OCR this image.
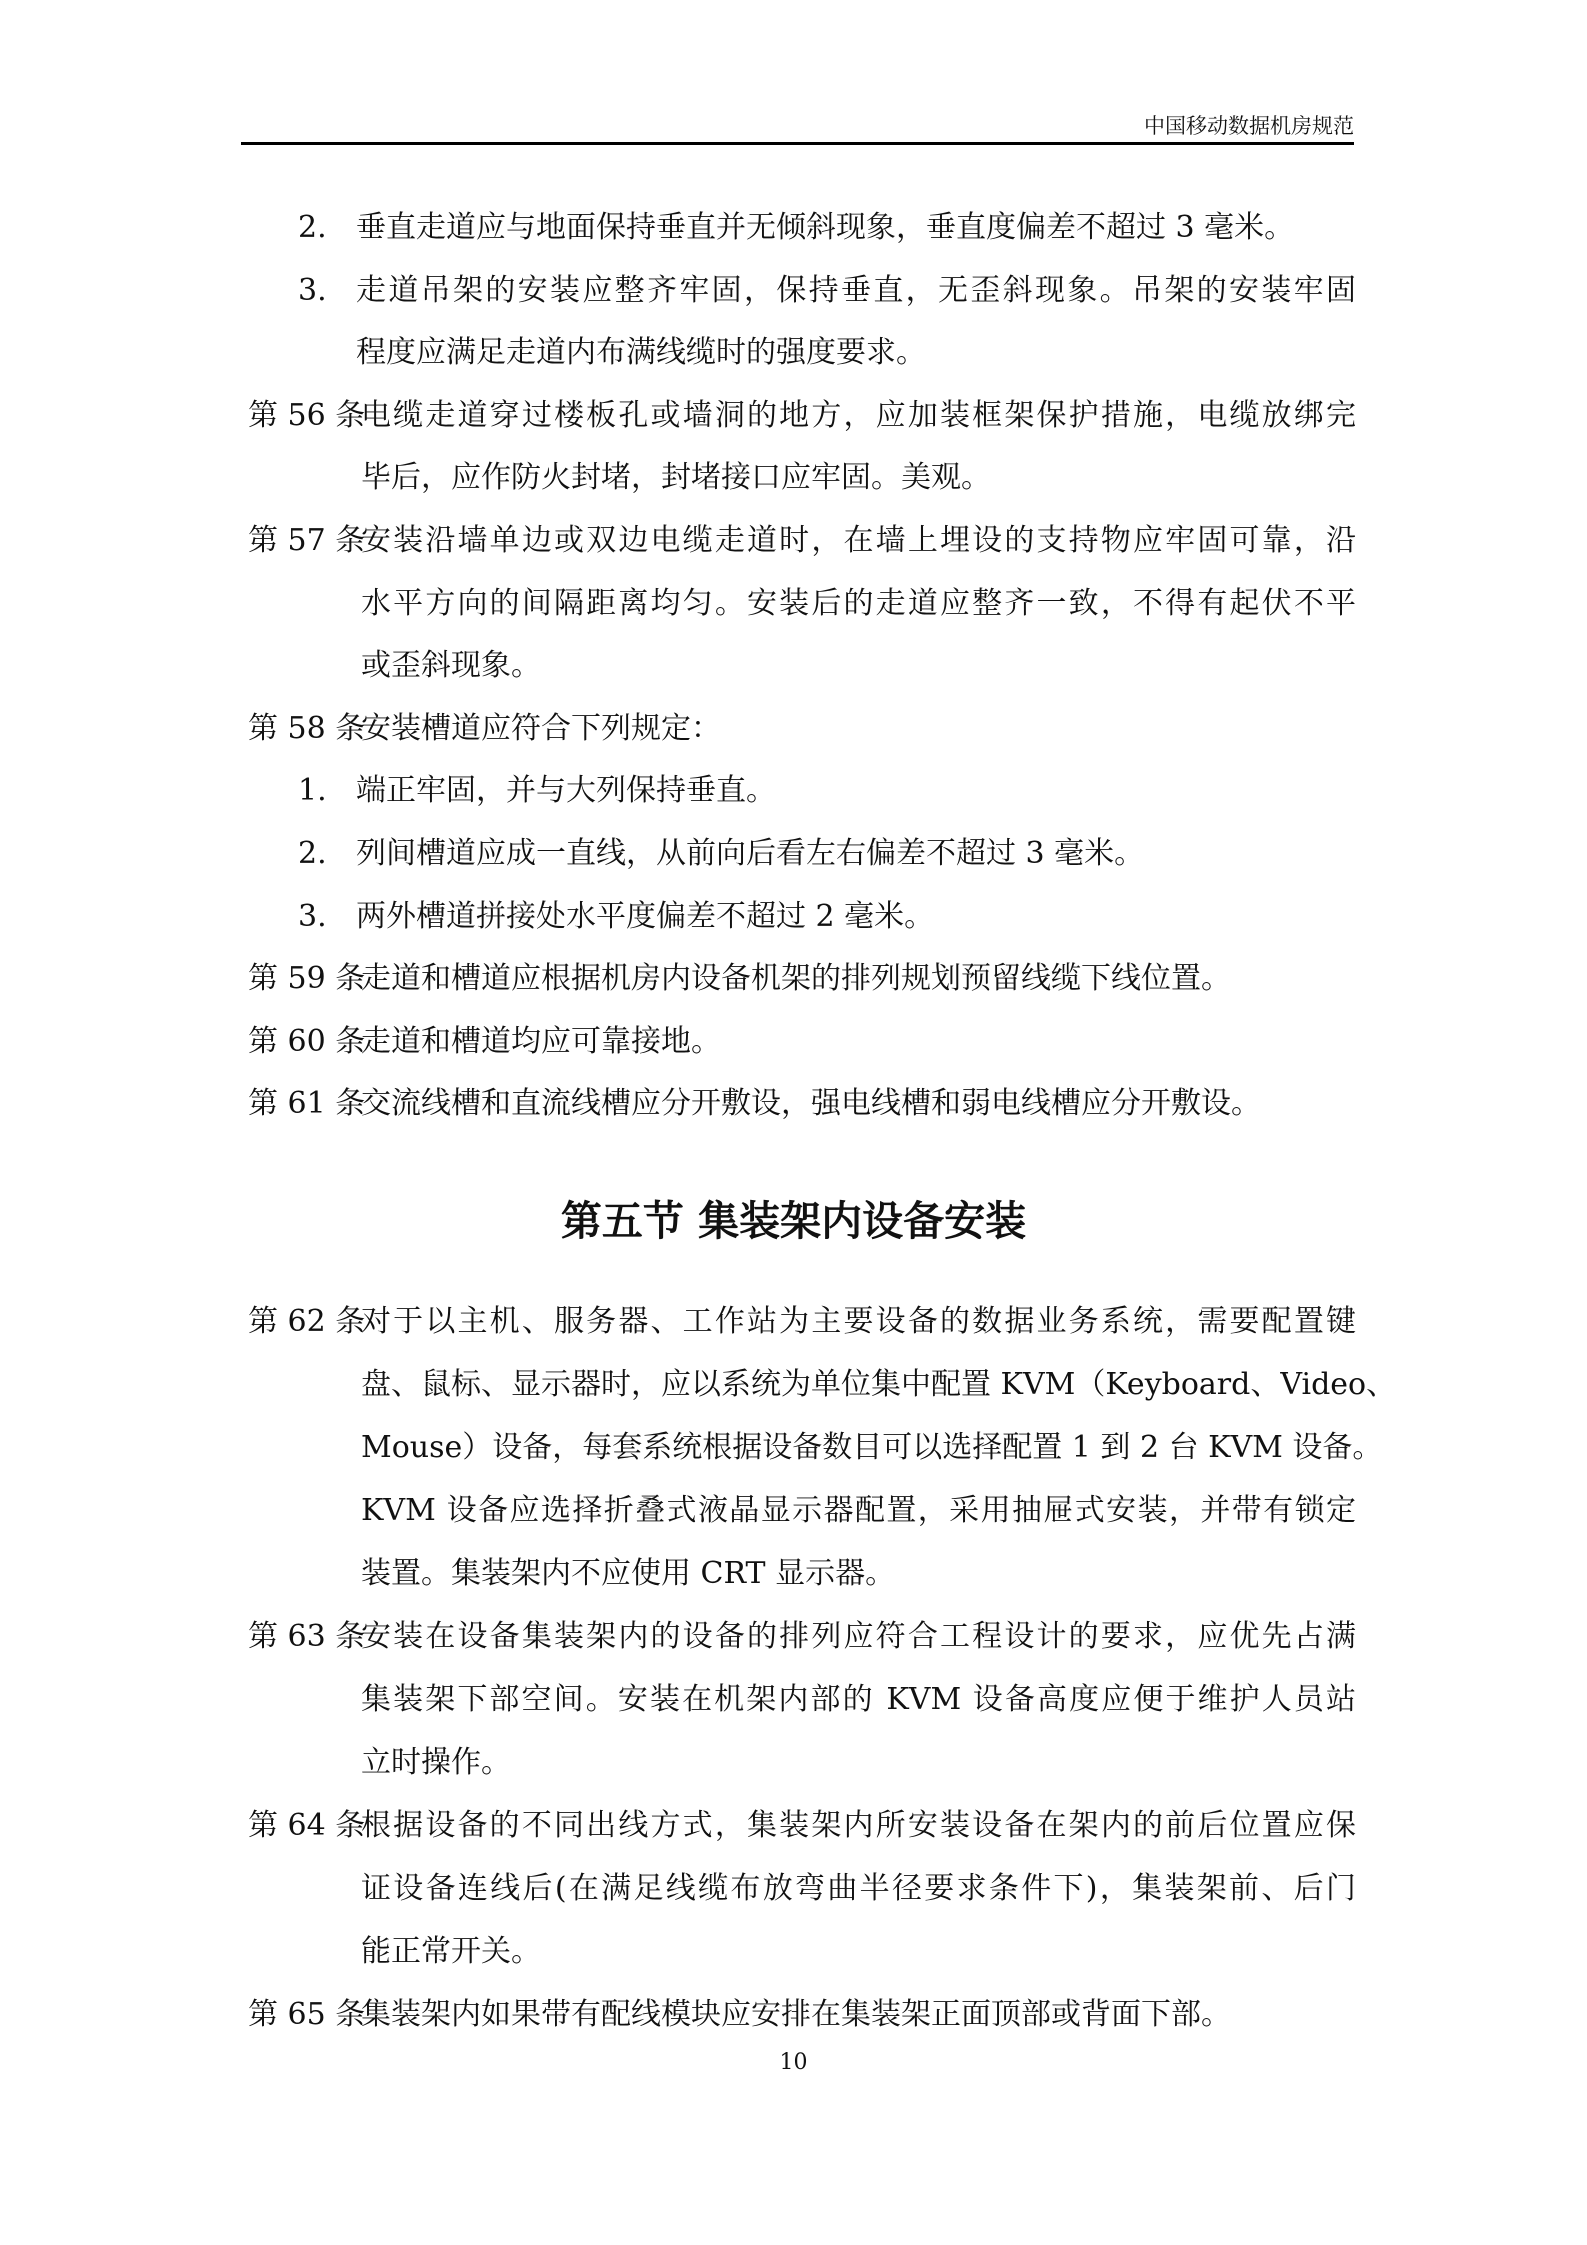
中国移动数据机房规范
2. 垂直走道应与地面保持垂直并无倾斜现象，垂直度偏差不超过 3 毫米。
3. 走道吊架的安装应整齐牢固，保持垂直，无歪斜现象。吊架的安装牢固
程度应满足走道内布满线缆时的强度要求。
第 56 条
电缆走道穿过楼板孔或墙洞的地方，应加装框架保护措施，电缆放绑完
毕后，应作防火封堵，封堵接口应牢固。美观。
第 57 条
安装沿墙单边或双边电缆走道时，在墙上埋设的支持物应牢固可靠，沿
水平方向的间隔距离均匀。安装后的走道应整齐一致，不得有起伏不平
或歪斜现象。
第 58 条
安装槽道应符合下列规定：
1. 端正牢固，并与大列保持垂直。
2. 列间槽道应成一直线，从前向后看左右偏差不超过 3 毫米。
3. 两外槽道拼接处水平度偏差不超过 2 毫米。
第 59 条
走道和槽道应根据机房内设备机架的排列规划预留线缆下线位置。
第 60 条
走道和槽道均应可靠接地。
第 61 条
交流线槽和直流线槽应分开敷设，强电线槽和弱电线槽应分开敷设。
第五节 集装架内设备安装
第 62 条
对于以主机、服务器、工作站为主要设备的数据业务系统，需要配置键
盘、鼠标、显示器时，应以系统为单位集中配置 KVM（Keyboard、Video、
Mouse）设备，每套系统根据设备数目可以选择配置 1 到 2 台 KVM 设备。
KVM 设备应选择折叠式液晶显示器配置，采用抽屉式安装，并带有锁定
装置。集装架内不应使用 CRT 显示器。
第 63 条
安装在设备集装架内的设备的排列应符合工程设计的要求，应优先占满
集装架下部空间。安装在机架内部的 KVM 设备高度应便于维护人员站
立时操作。
第 64 条
根据设备的不同出线方式，集装架内所安装设备在架内的前后位置应保
证设备连线后(在满足线缆布放弯曲半径要求条件下)，集装架前、后门
能正常开关。
第 65 条
集装架内如果带有配线模块应安排在集装架正面顶部或背面下部。
10
